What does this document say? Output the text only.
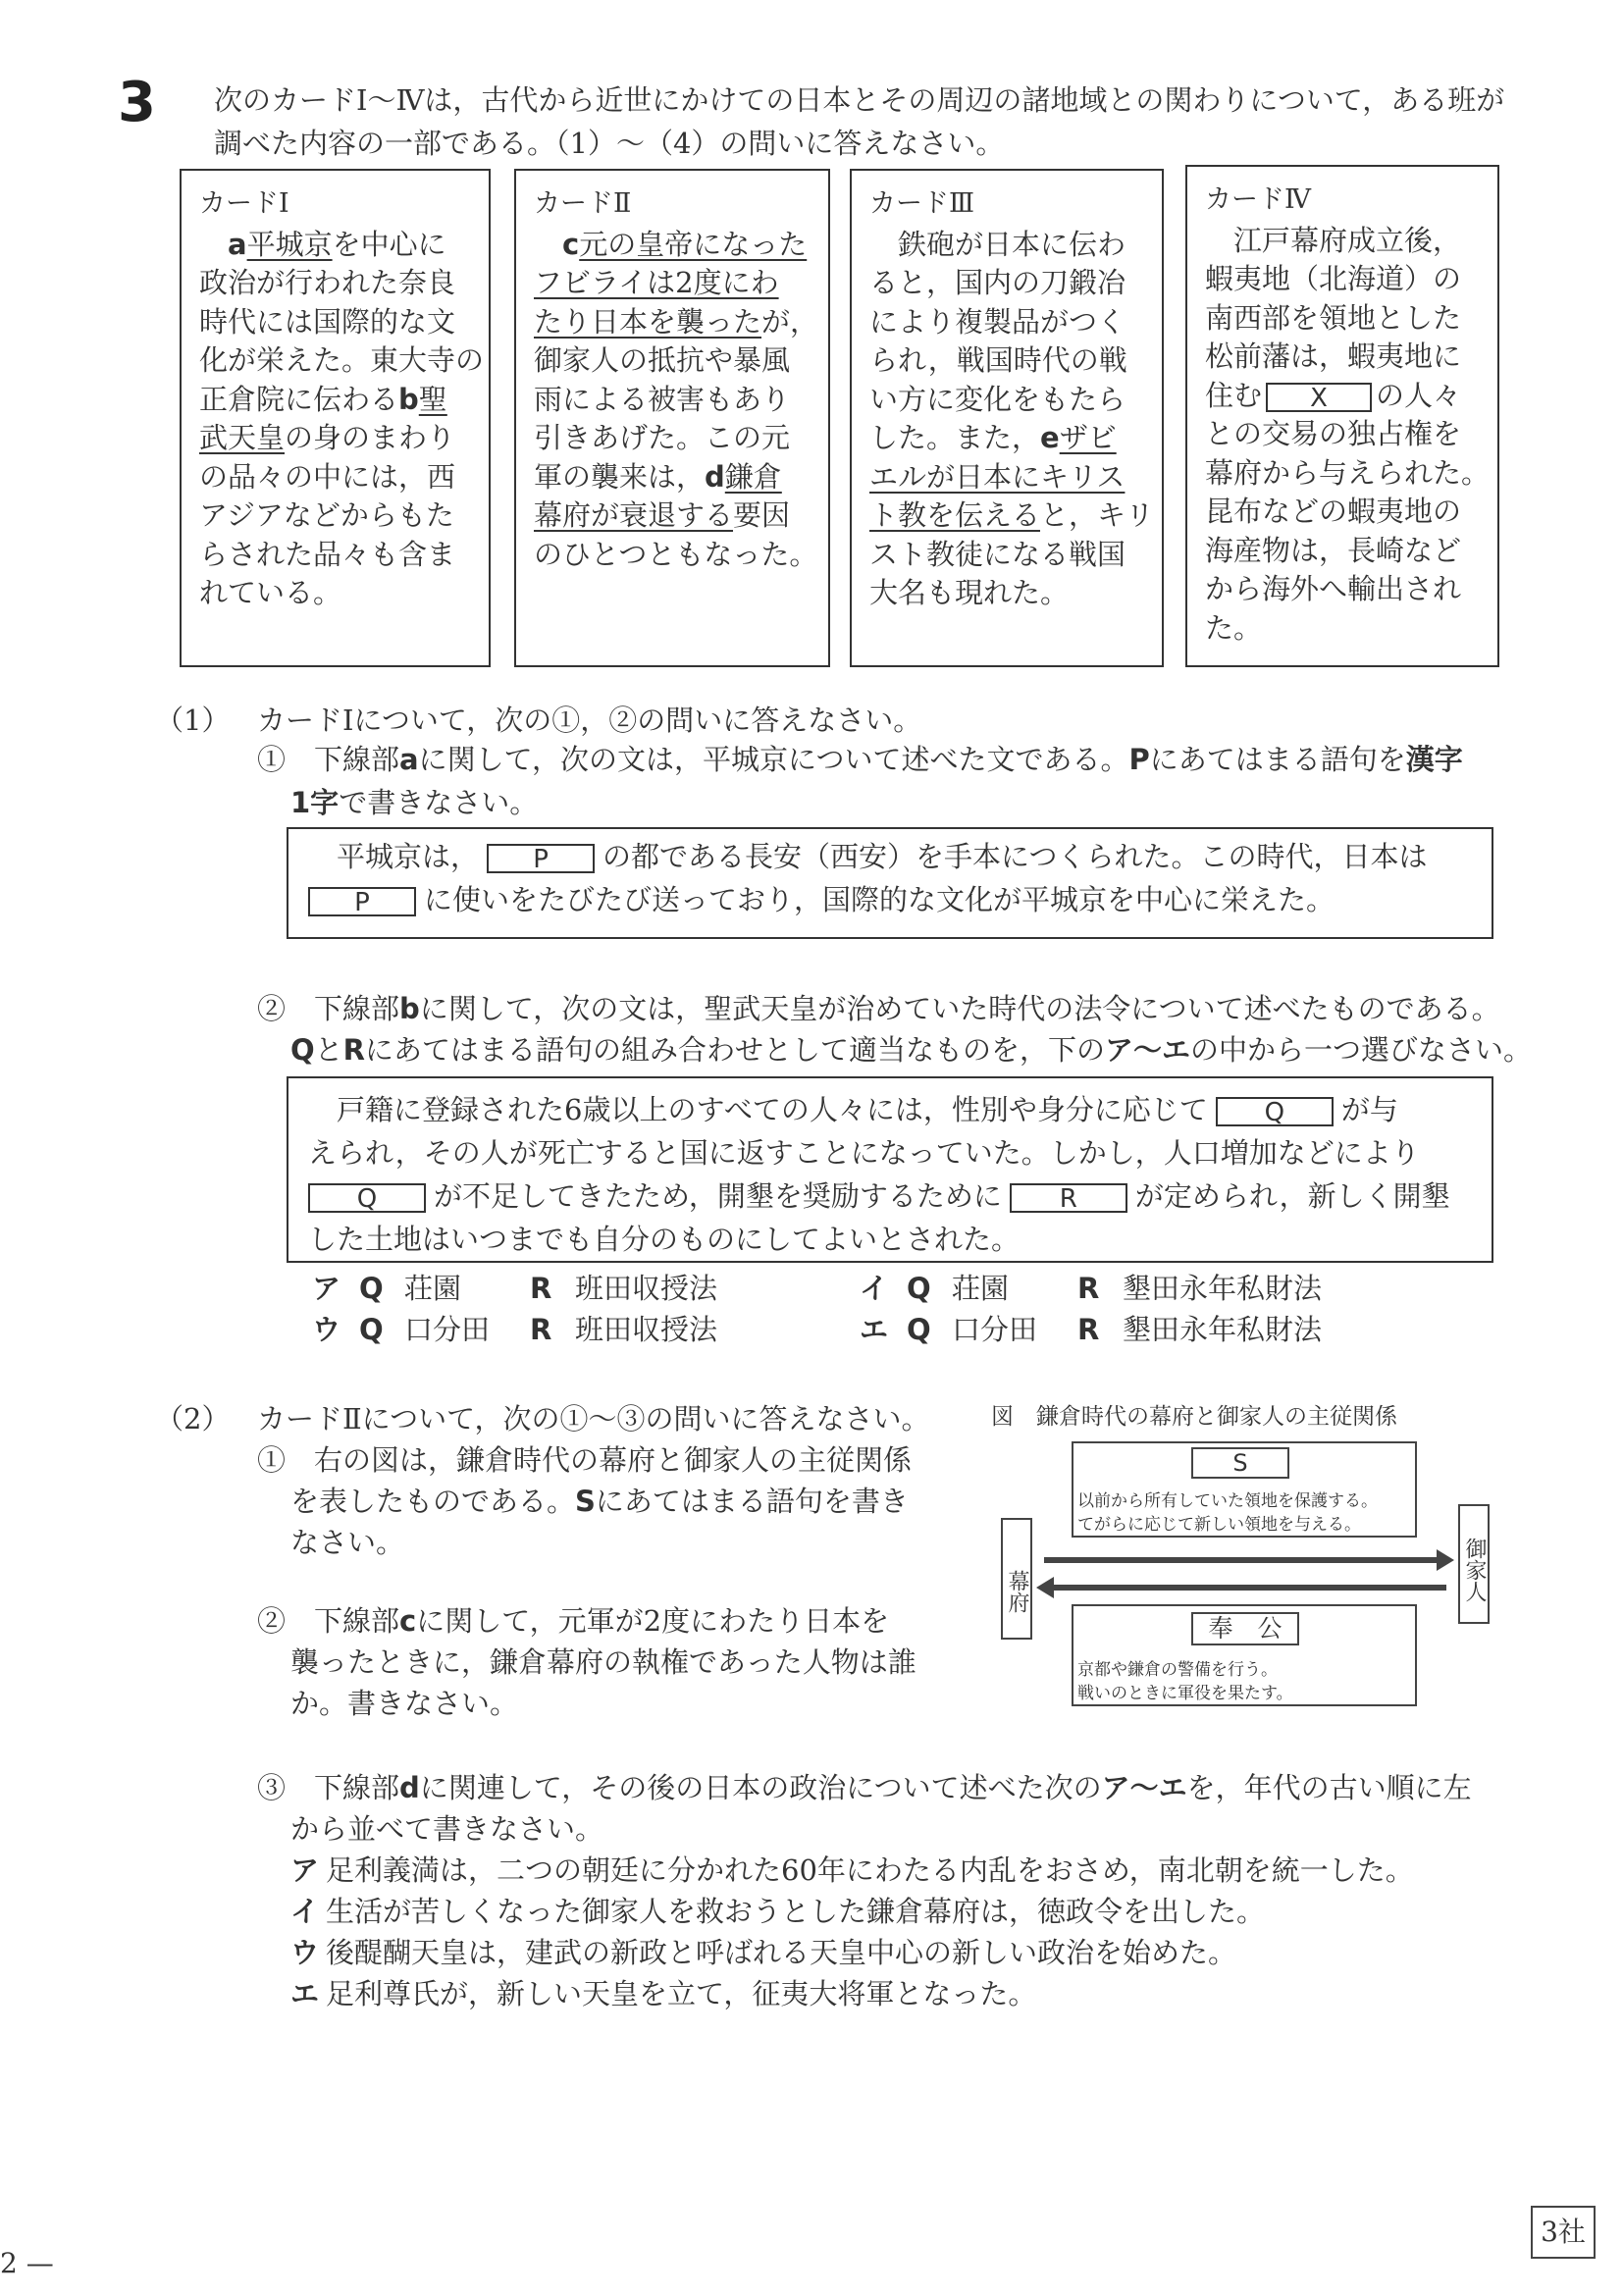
3 次のカードⅠ～Ⅳは，古代から近世にかけての日本とその周辺の諸地域との関わりについて，ある班が調べた内容の一部である。（1）～（4）の問いに答えなさい。
カードⅠ
　a平城京を中心に
政治が行われた奈良
時代には国際的な文
化が栄えた。東大寺の
正倉院に伝わるb聖
武天皇の身のまわり
の品々の中には，西
アジアなどからもた
らされた品々も含ま
れている。
カードⅡ
　c元の皇帝になった
フビライは2度にわ
たり日本を襲ったが，
御家人の抵抗や暴風
雨による被害もあり
引きあげた。この元
軍の襲来は，d鎌倉
幕府が衰退する要因
のひとつともなった。
カードⅢ
　鉄砲が日本に伝わ
ると，国内の刀鍛冶
により複製品がつく
られ，戦国時代の戦
い方に変化をもたら
した。また，eザビ
エルが日本にキリス
ト教を伝えると，キリ
スト教徒になる戦国
大名も現れた。
カードⅣ
　江戸幕府成立後，
蝦夷地（北海道）の
南西部を領地とした
松前藩は，蝦夷地に
住む X の人々
との交易の独占権を
幕府から与えられた。
昆布などの蝦夷地の
海産物は，長崎など
から海外へ輸出され
た。
（1） カードⅠについて，次の①，②の問いに答えなさい。
①　 下線部aに関して，次の文は，平城京について述べた文である。Pにあてはまる語句を漢字
1字で書きなさい。
　平城京は， P の都である長安（西安）を手本につくられた。この時代，日本は
P に使いをたびたび送っており，国際的な文化が平城京を中心に栄えた。
②　 下線部bに関して，次の文は，聖武天皇が治めていた時代の法令について述べたものである。
QとRにあてはまる語句の組み合わせとして適当なものを，下のア～エの中から一つ選びなさい。
　戸籍に登録された6歳以上のすべての人々には，性別や身分に応じて Q が与
えられ，その人が死亡すると国に返すことになっていた。しかし，人口増加などにより
Q が不足してきたため，開墾を奨励するために R が定められ，新しく開墾
した土地はいつまでも自分のものにしてよいとされた。
ア Q 荘園 R 班田収授法	イ Q 荘園 R 墾田永年私財法
ウ Q 口分田 R 班田収授法	エ Q 口分田 R 墾田永年私財法
（2） カードⅡについて，次の①～③の問いに答えなさい。
①　 右の図は，鎌倉時代の幕府と御家人の主従関係
を表したものである。Sにあてはまる語句を書き
なさい。
②　 下線部cに関して，元軍が2度にわたり日本を
襲ったときに，鎌倉幕府の執権であった人物は誰
か。書きなさい。
③　 下線部dに関連して，その後の日本の政治について述べた次のア～エを，年代の古い順に左
から並べて書きなさい。
ア 足利義満は，二つの朝廷に分かれた60年にわたる内乱をおさめ，南北朝を統一した。
イ 生活が苦しくなった御家人を救おうとした鎌倉幕府は，徳政令を出した。
ウ 後醍醐天皇は，建武の新政と呼ばれる天皇中心の新しい政治を始めた。
エ 足利尊氏が，新しい天皇を立て，征夷大将軍となった。
図　鎌倉時代の幕府と御家人の主従関係
S
以前から所有していた領地を保護する。
てがらに応じて新しい領地を与える。
幕府	御家人
奉　公
京都や鎌倉の警備を行う。
戦いのときに軍役を果たす。
2 —
3社
